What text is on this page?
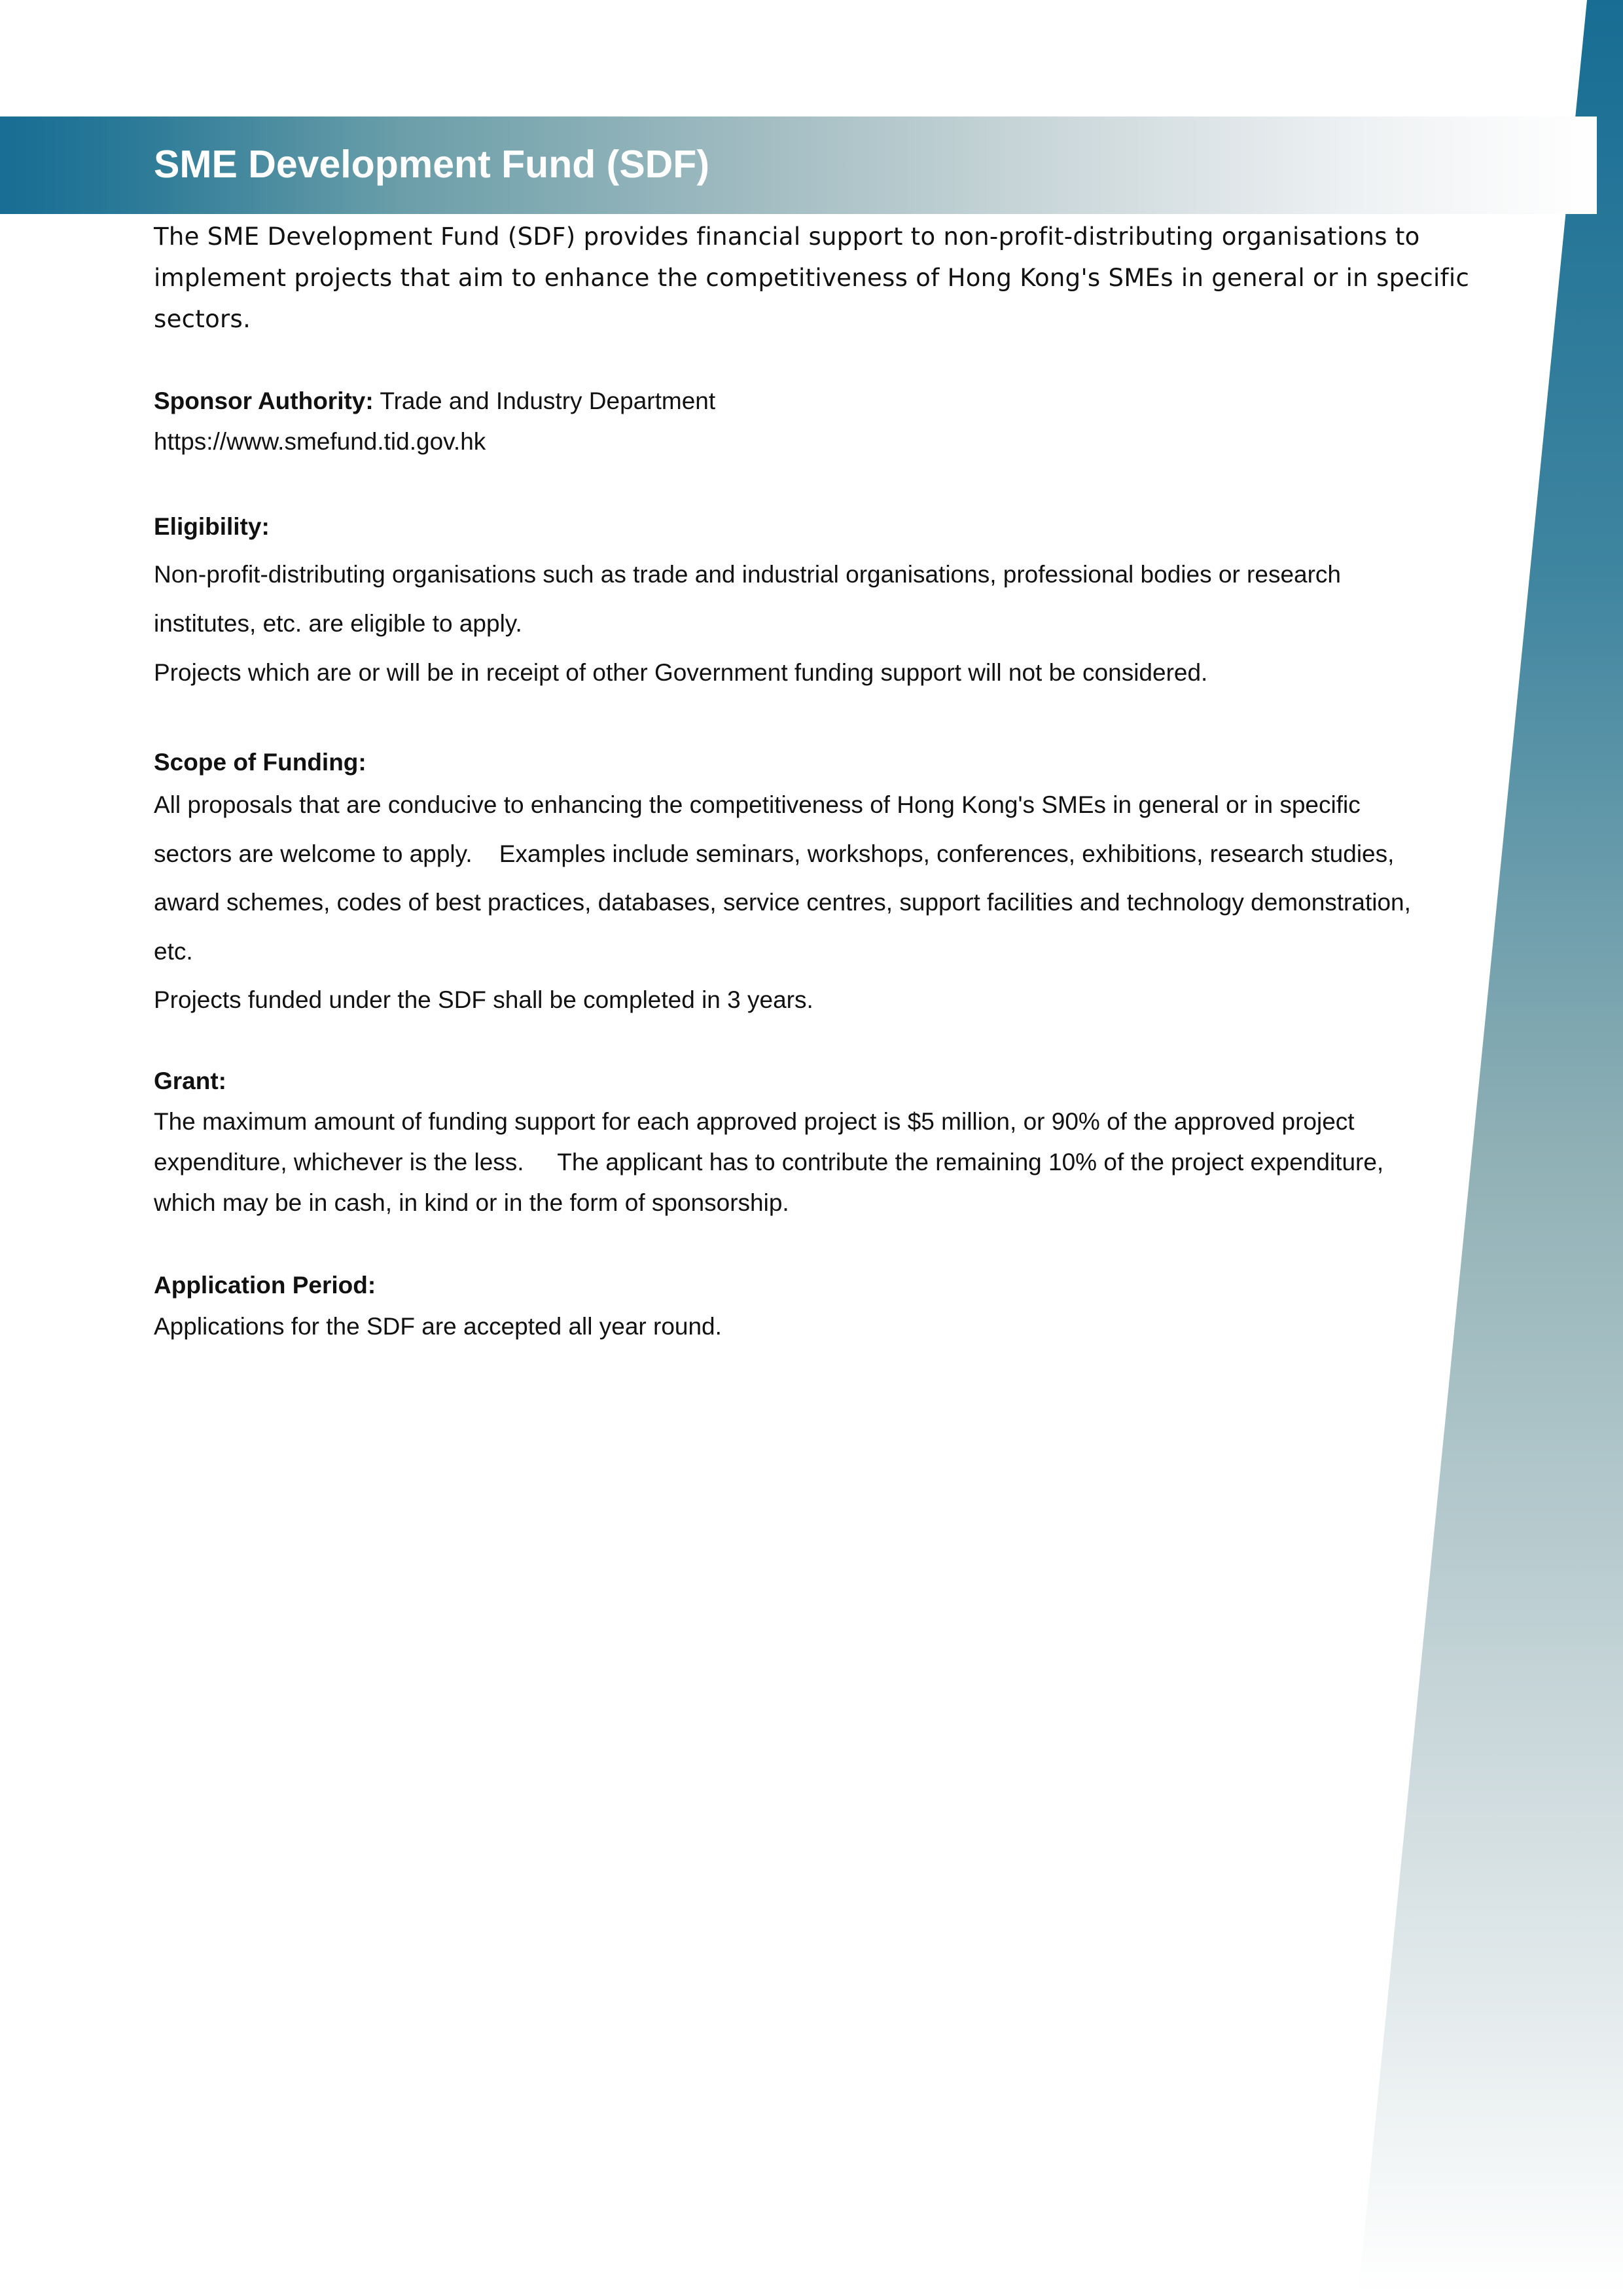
SME Development Fund (SDF)
The SME Development Fund (SDF) provides financial support to non-profit-distributing organisations to
implement projects that aim to enhance the competitiveness of Hong Kong's SMEs in general or in specific
sectors.
Sponsor Authority: Trade and Industry Department
https://www.smefund.tid.gov.hk
Eligibility:
Non-profit-distributing organisations such as trade and industrial organisations, professional bodies or research
institutes, etc. are eligible to apply.
Projects which are or will be in receipt of other Government funding support will not be considered.
Scope of Funding:
All proposals that are conducive to enhancing the competitiveness of Hong Kong's SMEs in general or in specific
sectors are welcome to apply.    Examples include seminars, workshops, conferences, exhibitions, research studies,
award schemes, codes of best practices, databases, service centres, support facilities and technology demonstration,
etc.
Projects funded under the SDF shall be completed in 3 years.
Grant:
The maximum amount of funding support for each approved project is $5 million, or 90% of the approved project
expenditure, whichever is the less.     The applicant has to contribute the remaining 10% of the project expenditure,
which may be in cash, in kind or in the form of sponsorship.
Application Period:
Applications for the SDF are accepted all year round.
